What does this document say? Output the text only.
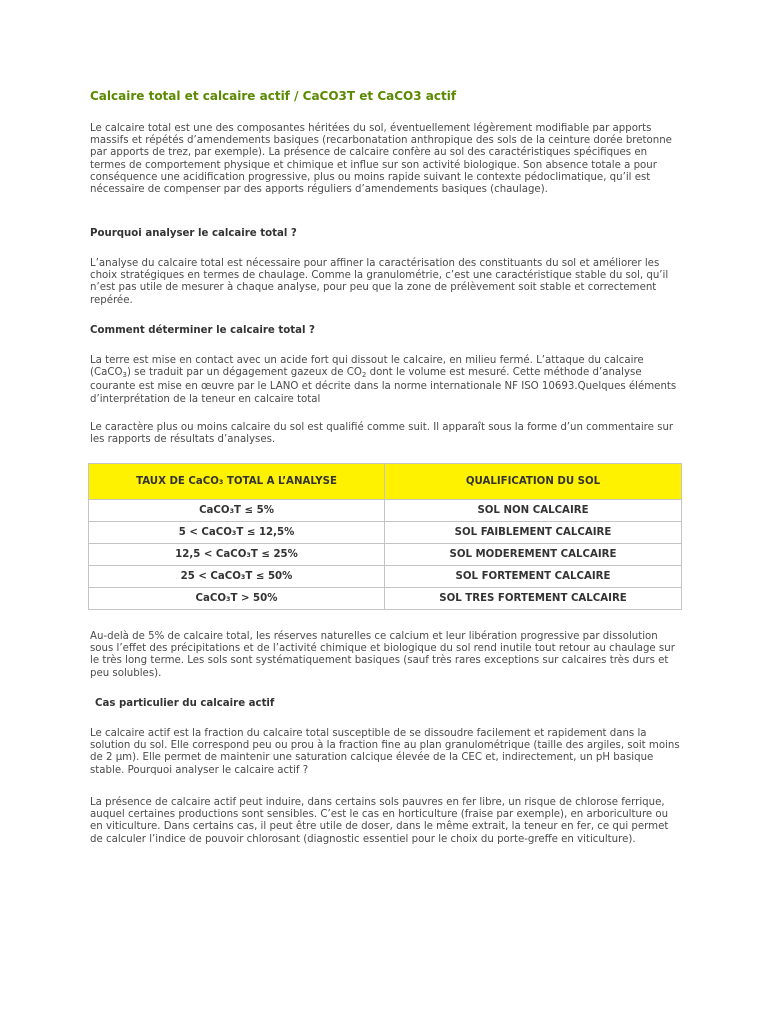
Calcaire total et calcaire actif / CaCO3T et CaCO3 actif

Le calcaire total est une des composantes héritées du sol, éventuellement légèrement modifiable par apports massifs et répétés d’amendements basiques (recarbonatation anthropique des sols de la ceinture dorée bretonne par apports de trez, par exemple). La présence de calcaire confère au sol des caractéristiques spécifiques en termes de comportement physique et chimique et influe sur son activité biologique. Son absence totale a pour conséquence une acidification progressive, plus ou moins rapide suivant le contexte pédoclimatique, qu’il est nécessaire de compenser par des apports réguliers d’amendements basiques (chaulage).

Pourquoi analyser le calcaire total ?

L’analyse du calcaire total est nécessaire pour affiner la caractérisation des constituants du sol et améliorer les choix stratégiques en termes de chaulage. Comme la granulométrie, c’est une caractéristique stable du sol, qu’il n’est pas utile de mesurer à chaque analyse, pour peu que la zone de prélèvement soit stable et correctement repérée.

Comment déterminer le calcaire total ?

La terre est mise en contact avec un acide fort qui dissout le calcaire, en milieu fermé. L’attaque du calcaire (CaCO$_3$) se traduit par un dégagement gazeux de $CO_2$ dont le volume est mesuré. Cette méthode d’analyse courante est mise en œuvre par le LANO et décrite dans la norme internationale NF ISO 10693.Quelques éléments d’interprétation de la teneur en calcaire total

Le caractère plus ou moins calcaire du sol est qualifié comme suit. Il apparaît sous la forme d’un commentaire sur les rapports de résultats d’analyses.

TAUX DE CaCO₃ TOTAL A L’ANALYSE	QUALIFICATION DU SOL
CaCO₃T ≤ 5%	SOL NON CALCAIRE
5 < CaCO₃T ≤ 12,5%	SOL FAIBLEMENT CALCAIRE
12,5 < CaCO₃T ≤ 25%	SOL MODEREMENT CALCAIRE
25 < CaCO₃T ≤ 50%	SOL FORTEMENT CALCAIRE
CaCO₃T > 50%	SOL TRES FORTEMENT CALCAIRE

Au-delà de 5% de calcaire total, les réserves naturelles ce calcium et leur libération progressive par dissolution sous l’effet des précipitations et de l’activité chimique et biologique du sol rend inutile tout retour au chaulage sur le très long terme. Les sols sont systématiquement basiques (sauf très rares exceptions sur calcaires très durs et peu solubles).

Cas particulier du calcaire actif

Le calcaire actif est la fraction du calcaire total susceptible de se dissoudre facilement et rapidement dans la solution du sol. Elle correspond peu ou prou à la fraction fine au plan granulométrique (taille des argiles, soit moins de 2 µm). Elle permet de maintenir une saturation calcique élevée de la CEC et, indirectement, un pH basique stable. Pourquoi analyser le calcaire actif ?

La présence de calcaire actif peut induire, dans certains sols pauvres en fer libre, un risque de chlorose ferrique, auquel certaines productions sont sensibles. C’est le cas en horticulture (fraise par exemple), en arboriculture ou en viticulture. Dans certains cas, il peut être utile de doser, dans le même extrait, la teneur en fer, ce qui permet de calculer l’indice de pouvoir chlorosant (diagnostic essentiel pour le choix du porte-greffe en viticulture).
